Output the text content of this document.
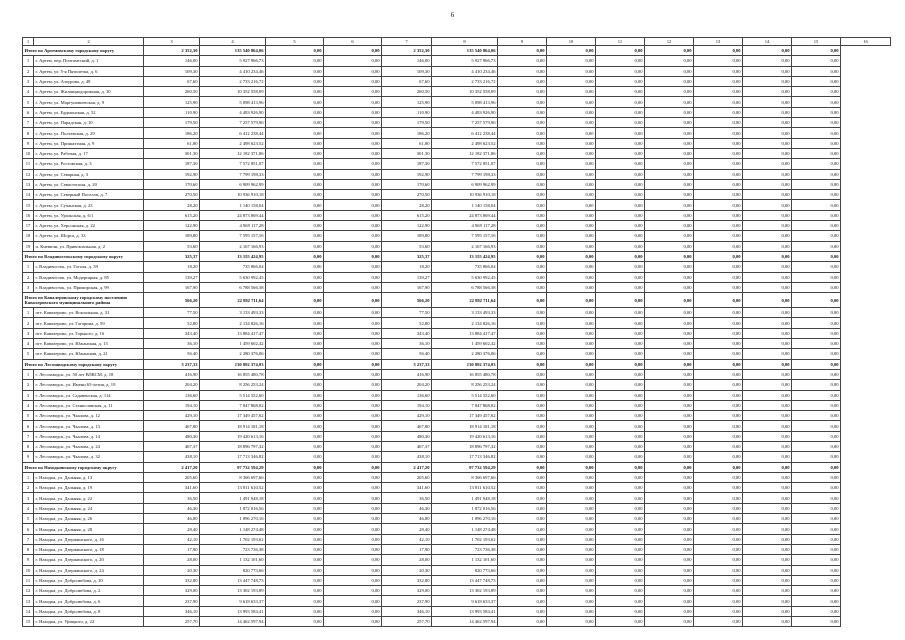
6
1	2	3	4	5	6	7	8	9	10	11	12	13	14	15	16
Итого по Артемовскому городскому округу		2 352,30	135 540 864,06	0,00	0,00	2 352,30	135 540 864,06	0,00	0,00	0,00	0,00	0,00	0,00	0,00	
1	г. Артем, пер. Почтамтский, д. 1	146,00	5 927 966,73	0,00	0,00	146,00	5 927 966,73	0,00	0,00	0,00	0,00	0,00	0,00	0,00	
2	г. Артем, ул. 5-я Пятилетка, д. 6	109,30	4 410 234,46	0,00	0,00	109,30	4 410 234,46	0,00	0,00	0,00	0,00	0,00	0,00	0,00	
3	г. Артем, ул. Азоурова, д. 48	67,60	2 733 216,72	0,00	0,00	67,60	2 733 216,72	0,00	0,00	0,00	0,00	0,00	0,00	0,00	
4	г. Артем, ул. Жилищнодорожная, д. 10	260,50	10 352 558,09	0,00	0,00	260,50	10 352 558,09	0,00	0,00	0,00	0,00	0,00	0,00	0,00	
5	г. Артем, ул. Маргуновьевская, д. 9	125,90	5 098 413,96	0,00	0,00	125,90	5 098 413,96	0,00	0,00	0,00	0,00	0,00	0,00	0,00	
6	г. Артем, ул. Ердмонская, д. 52	110,90	4 483 926,90	0,00	0,00	110,90	4 483 926,90	0,00	0,00	0,00	0,00	0,00	0,00	0,00	
7	г. Артем, ул. Парадская, д. 10	179,50	7 257 579,96	0,00	0,00	179,50	7 257 579,96	0,00	0,00	0,00	0,00	0,00	0,00	0,00	
8	г. Артем, ул. Полтавская, д. 29	186,20	6 412 238,44	0,00	0,00	186,20	6 412 238,44	0,00	0,00	0,00	0,00	0,00	0,00	0,00	
9	г. Артем, ул. Пришахтная, д. 9	61,80	2 498 623,52	0,00	0,00	61,80	2 498 623,52	0,00	0,00	0,00	0,00	0,00	0,00	0,00	
10	г. Артем, ул. Рабочая, д. 17	301,30	12 182 371,86	0,00	0,00	301,30	12 182 371,86	0,00	0,00	0,00	0,00	0,00	0,00	0,00	
11	г. Артем, ул. Ростовская, д. 3	187,30	7 572 851,07	0,00	0,00	187,30	7 572 851,07	0,00	0,00	0,00	0,00	0,00	0,00	0,00	
12	г. Артем, ул. Севарная, д. 3	192,90	7 799 198,33	0,00	0,00	192,90	7 799 198,33	0,00	0,00	0,00	0,00	0,00	0,00	0,00	
13	г. Артем, ул. Севастополя, д. 20	170,60	6 909 962,99	0,00	0,00	170,60	6 909 962,99	0,00	0,00	0,00	0,00	0,00	0,00	0,00	
14	г. Артем, ул. Северный Поселок, д. 7	270,50	10 936 910,18	0,00	0,00	270,50	10 936 910,18	0,00	0,00	0,00	0,00	0,00	0,00	0,00	
15	г. Артем, ул. Сучанская, д. 23	28,20	1 140 158,04	0,00	0,00	28,20	1 140 158,04	0,00	0,00	0,00	0,00	0,00	0,00	0,00	
16	г. Артем, ул. Уральская, д. 6/1	615,20	24 873 869,44	0,00	0,00	615,20	24 873 869,44	0,00	0,00	0,00	0,00	0,00	0,00	0,00	
17	г. Артем, ул. Херсонская, д. 22	122,90	4 969 117,28	0,00	0,00	122,90	4 969 117,28	0,00	0,00	0,00	0,00	0,00	0,00	0,00	
18	г. Артем, ул. Шорса, д. 33	189,80	7 595 157,16	0,00	0,00	189,80	7 595 157,16	0,00	0,00	0,00	0,00	0,00	0,00	0,00	
19	п. Кневичи, ул. Привокзальная, д. 2	53,60	2 167 166,93	0,00	0,00	53,60	2 167 166,93	0,00	0,00	0,00	0,00	0,00	0,00	0,00	
Итого по Владивостокскому городскому округу		325,37	13 155 424,95	0,00	0,00	325,37	13 155 424,95	0,00	0,00	0,00	0,00	0,00	0,00	0,00	
1	г. Владивосток, ул. Гоголя, д. 39	18,20	735 866,04	0,00	0,00	18,20	735 866,04	0,00	0,00	0,00	0,00	0,00	0,00	0,00	
2	г. Владивосток, ул. Модерицкая, д. 85	139,27	5 630 992,45	0,00	0,00	139,27	5 630 992,45	0,00	0,00	0,00	0,00	0,00	0,00	0,00	
3	г. Владивосток, ул. Приморская, д. 99	167,90	6 788 566,38	0,00	0,00	167,90	6 788 566,38	0,00	0,00	0,00	0,00	0,00	0,00	0,00	
Итого по Кавалеровскому городскому поселению Кавалеровского муниципального района		566,20	22 892 711,64	0,00	0,00	566,20	22 892 711,64	0,00	0,00	0,00	0,00	0,00	0,00	0,00	
1	пгт. Кавалерово, ул. Вокзальная, д. 31	77,50	3 133 493,33	0,00	0,00	77,50	3 133 493,33	0,00	0,00	0,00	0,00	0,00	0,00	0,00	
2	пгт. Кавалерово, ул. Гагарина, д. 59	52,80	2 134 826,16	0,00	0,00	52,80	2 134 826,16	0,00	0,00	0,00	0,00	0,00	0,00	0,00	
3	пгт. Кавалерово, ул. Горького, д. 16	343,40	13 884 417,47	0,00	0,00	343,40	13 884 417,47	0,00	0,00	0,00	0,00	0,00	0,00	0,00	
4	пгт. Кавалерово, ул. Южанская, д. 13	36,10	1 459 602,42	0,00	0,00	36,10	1 459 602,42	0,00	0,00	0,00	0,00	0,00	0,00	0,00	
5	пгт. Кавалерово, ул. Южанская, д. 21	56,40	2 280 376,06	0,00	0,00	56,40	2 280 376,06	0,00	0,00	0,00	0,00	0,00	0,00	0,00	
Итого по Лесозаводскому городскому округу		3 237,33	130 892 374,03	0,00	0,00	3 237,33	130 892 374,03	0,00	0,00	0,00	0,00	0,00	0,00	0,00	
1	г. Лесозаводск, ул. 50 лет ВЛКСМ, д. 18	416,90	16 855 480,78	0,00	0,00	416,90	16 855 480,78	0,00	0,00	0,00	0,00	0,00	0,00	0,00	
2	г. Лесозаводск, ул. Имени 65-летия, д. 19	204,20	8 256 253,24	0,00	0,00	204,20	8 256 253,24	0,00	0,00	0,00	0,00	0,00	0,00	0,00	
3	г. Лесозаводск, ул. Садавенская, д. 114	136,60	5 514 552,60	0,00	0,00	136,60	5 514 552,60	0,00	0,00	0,00	0,00	0,00	0,00	0,00	
4	г. Лесозаводск, ул. Станиславская, д. 11	194,10	7 847 868,02	0,00	0,00	194,10	7 847 868,02	0,00	0,00	0,00	0,00	0,00	0,00	0,00	
5	г. Лесозаводск, ул. Чкалова, д. 12	429,10	17 349 457,02	0,00	0,00	429,10	17 349 457,02	0,00	0,00	0,00	0,00	0,00	0,00	0,00	
6	г. Лесозаводск, ул. Чкалова, д. 13	467,80	18 914 181,18	0,00	0,00	467,80	18 914 181,18	0,00	0,00	0,00	0,00	0,00	0,00	0,00	
7	г. Лесозаводск, ул. Чкалова, д. 14	480,30	19 420 613,16	0,00	0,00	480,30	19 420 613,16	0,00	0,00	0,00	0,00	0,00	0,00	0,00	
8	г. Лесозаводск, ул. Чкалова, д. 24	467,37	18 896 797,32	0,00	0,00	467,37	18 896 797,32	0,00	0,00	0,00	0,00	0,00	0,00	0,00	
9	г. Лесозаводск, ул. Чкалова, д. 32	438,10	17 713 346,82	0,00	0,00	438,10	17 713 346,82	0,00	0,00	0,00	0,00	0,00	0,00	0,00	
Итого по Находкинскому городскому округу		2 417,20	97 732 594,29	0,00	0,00	2 417,20	97 732 594,29	0,00	0,00	0,00	0,00	0,00	0,00	0,00	
1	г. Находка, ул. Дальняя, д. 13	205,60	8 366 697,66	0,00	0,00	205,60	8 366 697,66	0,00	0,00	0,00	0,00	0,00	0,00	0,00	
2	г. Находка, ул. Дальняя, д. 19	341,60	13 811 610,52	0,00	0,00	341,60	13 811 610,52	0,00	0,00	0,00	0,00	0,00	0,00	0,00	
3	г. Находка, ул. Дальняя, д. 22	36,50	1 491 948,18	0,00	0,00	36,50	1 491 948,18	0,00	0,00	0,00	0,00	0,00	0,00	0,00	
4	г. Находка, ул. Дальняя, д. 24	46,30	1 872 016,56	0,00	0,00	46,30	1 872 016,56	0,00	0,00	0,00	0,00	0,00	0,00	0,00	
5	г. Находка, ул. Дальняя, д. 26	46,80	1 896 270,16	0,00	0,00	46,80	1 896 270,16	0,00	0,00	0,00	0,00	0,00	0,00	0,00	
6	г. Находка, ул. Дальняя, д. 28	28,40	1 148 274,48	0,00	0,00	28,40	1 148 274,48	0,00	0,00	0,00	0,00	0,00	0,00	0,00	
7	г. Находка, ул. Дзержинского, д. 16	42,10	1 702 193,62	0,00	0,00	42,10	1 702 193,62	0,00	0,00	0,00	0,00	0,00	0,00	0,00	
8	г. Находка, ул. Дзержинского, д. 18	17,90	723 736,38	0,00	0,00	17,90	723 736,38	0,00	0,00	0,00	0,00	0,00	0,00	0,00	
9	г. Находка, ул. Дзержинского, д. 20	28,00	1 132 101,60	0,00	0,00	28,00	1 132 101,60	0,00	0,00	0,00	0,00	0,00	0,00	0,00	
10	г. Находка, ул. Дзержинского, д. 24	20,30	820 773,66	0,00	0,00	20,30	820 773,66	0,00	0,00	0,00	0,00	0,00	0,00	0,00	
11	г. Находка, ул. Добролюбова, д. 10	332,80	13 447 748,73	0,00	0,00	332,80	13 447 748,73	0,00	0,00	0,00	0,00	0,00	0,00	0,00	
12	г. Находка, ул. Добролюбова, д. 2	329,00	13 302 193,89	0,00	0,00	329,00	13 302 193,89	0,00	0,00	0,00	0,00	0,00	0,00	0,00	
13	г. Находка, ул. Добролюбова, д. 6	237,90	9 618 633,37	0,00	0,00	237,90	9 618 633,37	0,00	0,00	0,00	0,00	0,00	0,00	0,00	
14	г. Находка, ул. Добролюбова, д. 8	346,10	13 993 584,41	0,00	0,00	346,10	13 993 584,41	0,00	0,00	0,00	0,00	0,00	0,00	0,00	
15	г. Находка, ул. Урицкого, д. 22	257,70	14 462 597,94	0,00	0,00	257,70	14 462 597,94	0,00	0,00	0,00	0,00	0,00	0,00	0,00	
